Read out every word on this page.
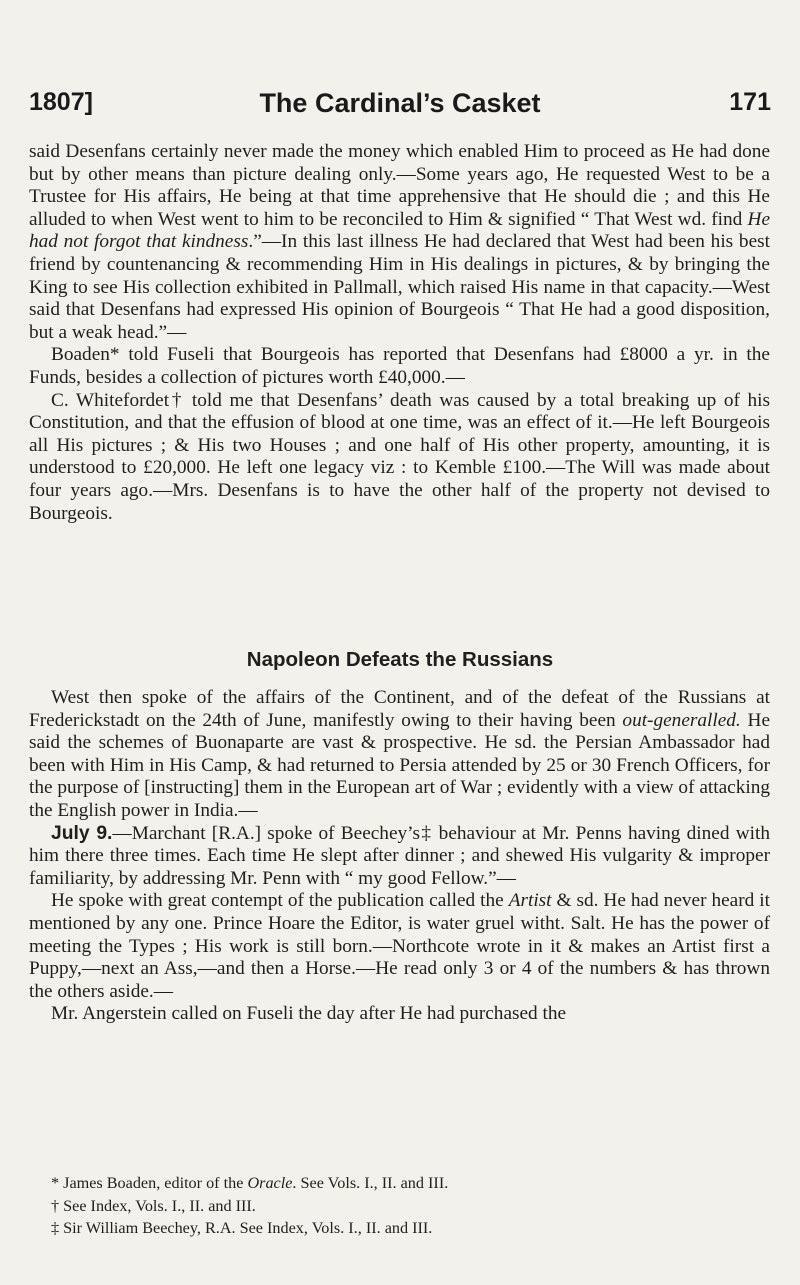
1807]	The Cardinal’s Casket	171

said Desenfans certainly never made the money which enabled Him to proceed as He had done but by other means than picture dealing only.—Some years ago, He requested West to be a Trustee for His affairs, He being at that time apprehensive that He should die ; and this He alluded to when West went to him to be reconciled to Him & signified “ That West wd. find He had not forgot that kindness.”—In this last illness He had declared that West had been his best friend by countenancing & recommending Him in His dealings in pictures, & by bringing the King to see His collection exhibited in Pallmall, which raised His name in that capacity.—West said that Desenfans had expressed His opinion of Bourgeois “ That He had a good disposition, but a weak head.”—

Boaden* told Fuseli that Bourgeois has reported that Desenfans had £8000 a yr. in the Funds, besides a collection of pictures worth £40,000.—

C. Whitefordet† told me that Desenfans’ death was caused by a total breaking up of his Constitution, and that the effusion of blood at one time, was an effect of it.—He left Bourgeois all His pictures ; & His two Houses ; and one half of His other property, amounting, it is understood to £20,000. He left one legacy viz : to Kemble £100.—The Will was made about four years ago.—Mrs. Desenfans is to have the other half of the property not devised to Bourgeois.

Napoleon Defeats the Russians

West then spoke of the affairs of the Continent, and of the defeat of the Russians at Frederickstadt on the 24th of June, manifestly owing to their having been out-generalled. He said the schemes of Buonaparte are vast & prospective. He sd. the Persian Ambassador had been with Him in His Camp, & had returned to Persia attended by 25 or 30 French Officers, for the purpose of [instructing] them in the European art of War ; evidently with a view of attacking the English power in India.—

July 9.—Marchant [R.A.] spoke of Beechey’s‡ behaviour at Mr. Penns having dined with him there three times. Each time He slept after dinner ; and shewed His vulgarity & improper familiarity, by addressing Mr. Penn with “ my good Fellow.”—

He spoke with great contempt of the publication called the Artist & sd. He had never heard it mentioned by any one. Prince Hoare the Editor, is water gruel witht. Salt. He has the power of meeting the Types ; His work is still born.—Northcote wrote in it & makes an Artist first a Puppy,—next an Ass,—and then a Horse.—He read only 3 or 4 of the numbers & has thrown the others aside.—

Mr. Angerstein called on Fuseli the day after He had purchased the

* James Boaden, editor of the Oracle. See Vols. I., II. and III.

† See Index, Vols. I., II. and III.

‡ Sir William Beechey, R.A. See Index, Vols. I., II. and III.
